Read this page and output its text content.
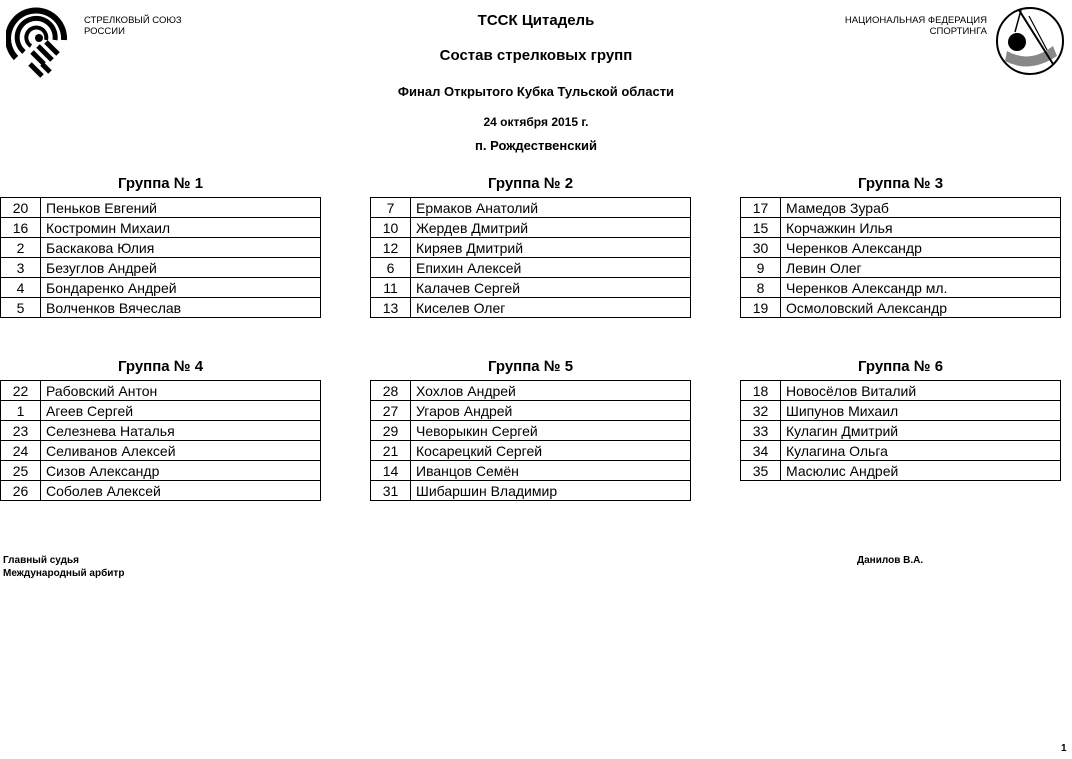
СТРЕЛКОВЫЙ СОЮЗ
РОССИИ
НАЦИОНАЛЬНАЯ ФЕДЕРАЦИЯ
СПОРТИНГА
ТССК Цитадель
Состав стрелковых групп
Финал Открытого Кубка Тульской области
24 октября 2015 г.
п. Рождественский
Группа № 1
20	Пеньков Евгений
16	Костромин Михаил
2	Баскакова Юлия
3	Безуглов Андрей
4	Бондаренко Андрей
5	Волченков Вячеслав
Группа № 2
7	Ермаков Анатолий
10	Жердев Дмитрий
12	Киряев Дмитрий
6	Епихин Алексей
11	Калачев Сергей
13	Киселев Олег
Группа № 3
17	Мамедов Зураб
15	Корчажкин Илья
30	Черенков Александр
9	Левин Олег
8	Черенков Александр мл.
19	Осмоловский Александр
Группа № 4
22	Рабовский Антон
1	Агеев Сергей
23	Селезнева Наталья
24	Селиванов Алексей
25	Сизов Александр
26	Соболев Алексей
Группа № 5
28	Хохлов Андрей
27	Угаров Андрей
29	Чеворыкин Сергей
21	Косарецкий Сергей
14	Иванцов Семён
31	Шибаршин Владимир
Группа № 6
18	Новосёлов Виталий
32	Шипунов Михаил
33	Кулагин Дмитрий
34	Кулагина Ольга
35	Масюлис Андрей
Главный судья
Международный арбитр
Данилов В.А.
1
